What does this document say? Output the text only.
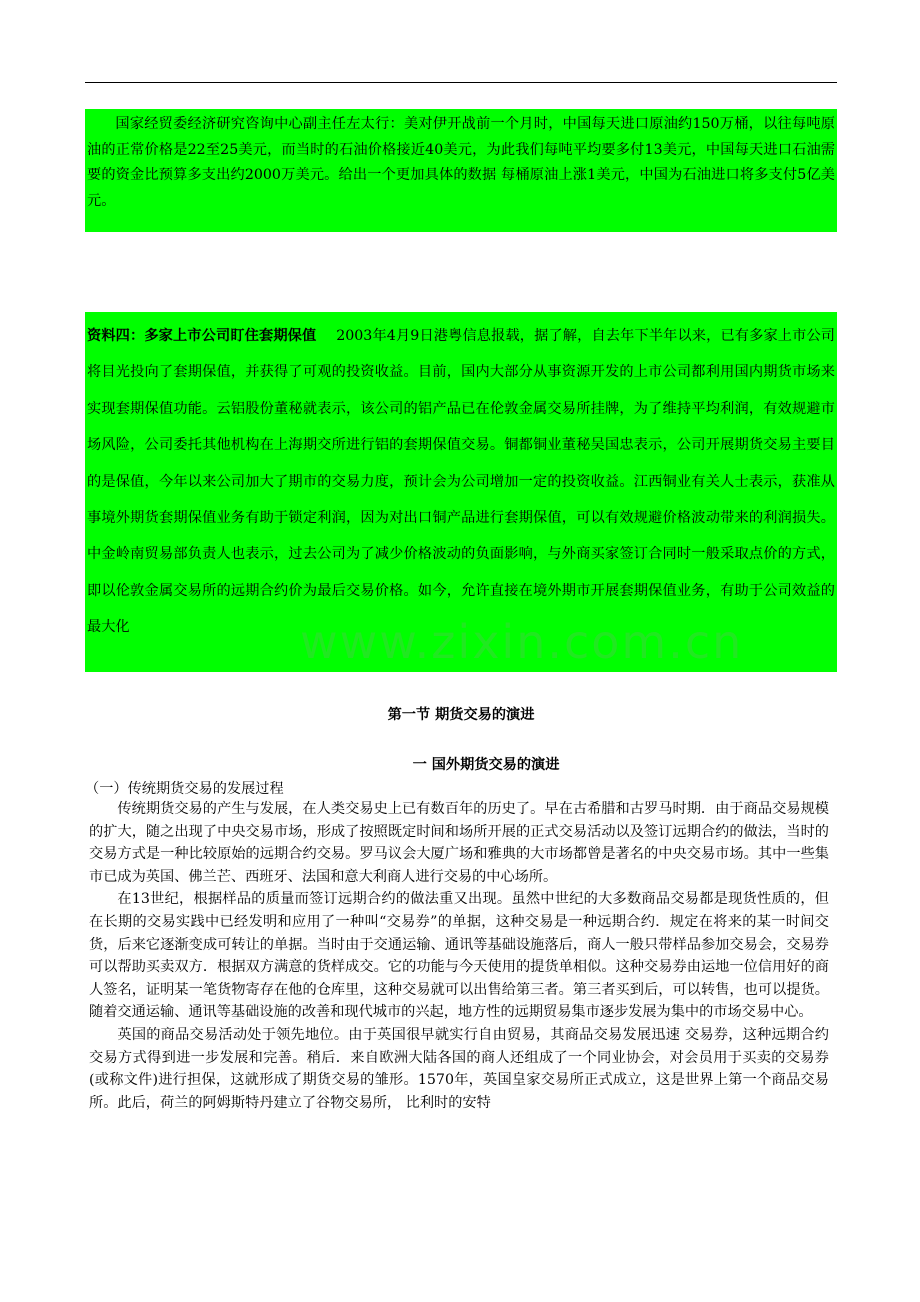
国家经贸委经济研究咨询中心副主任左太行：美对伊开战前一个月时，中国每天进口原油约150万桶，以往每吨原油的正常价格是22至25美元，而当时的石油价格接近40美元，为此我们每吨平均要多付13美元，中国每天进口石油需要的资金比预算多支出约2000万美元。给出一个更加具体的数据 每桶原油上涨1美元，中国为石油进口将多支付5亿美元。

资料四：多家上市公司盯住套期保值 2003年4月9日港粤信息报载，据了解，自去年下半年以来，已有多家上市公司将目光投向了套期保值，并获得了可观的投资收益。目前，国内大部分从事资源开发的上市公司都利用国内期货市场来实现套期保值功能。云铝股份董秘就表示，该公司的铝产品已在伦敦金属交易所挂牌，为了维持平均利润，有效规避市场风险，公司委托其他机构在上海期交所进行铝的套期保值交易。铜都铜业董秘吴国忠表示，公司开展期货交易主要目的是保值，今年以来公司加大了期市的交易力度，预计会为公司增加一定的投资收益。江西铜业有关人士表示，获准从事境外期货套期保值业务有助于锁定利润，因为对出口铜产品进行套期保值，可以有效规避价格波动带来的利润损失。中金岭南贸易部负责人也表示，过去公司为了减少价格波动的负面影响，与外商买家签订合同时一般采取点价的方式，即以伦敦金属交易所的远期合约价为最后交易价格。如今，允许直接在境外期市开展套期保值业务，有助于公司效益的最大化	www.zixin.com.cn

第一节 期货交易的演进

一 国外期货交易的演进

（一）传统期货交易的发展过程

传统期货交易的产生与发展，在人类交易史上已有数百年的历史了。早在古希腊和古罗马时期．由于商品交易规模的扩大，随之出现了中央交易市场，形成了按照既定时间和场所开展的正式交易活动以及签订远期合约的做法，当时的交易方式是一种比较原始的远期合约交易。罗马议会大厦广场和雅典的大市场都曾是著名的中央交易市场。其中一些集市已成为英国、佛兰芒、西班牙、法国和意大利商人进行交易的中心场所。

在13世纪，根据样品的质量而签订远期合约的做法重又出现。虽然中世纪的大多数商品交易都是现货性质的，但在长期的交易实践中已经发明和应用了一种叫“交易券”的单据，这种交易是一种远期合约．规定在将来的某一时间交货，后来它逐渐变成可转让的单据。当时由于交通运输、通讯等基础设施落后，商人一般只带样品参加交易会，交易券可以帮助买卖双方．根据双方满意的货样成交。它的功能与今天使用的提货单相似。这种交易券由运地一位信用好的商人签名，证明某一笔货物寄存在他的仓库里，这种交易就可以出售给第三者。第三者买到后，可以转售，也可以提货。随着交通运输、通讯等基础设施的改善和现代城市的兴起，地方性的远期贸易集市逐步发展为集中的市场交易中心。

英国的商品交易活动处于领先地位。由于英国很早就实行自由贸易，其商品交易发展迅速 交易券，这种远期合约交易方式得到进一步发展和完善。稍后．来自欧洲大陆各国的商人还组成了一个同业协会，对会员用于买卖的交易券(或称文件)进行担保，这就形成了期货交易的雏形。1570年，英国皇家交易所正式成立，这是世界上第一个商品交易所。此后，荷兰的阿姆斯特丹建立了谷物交易所， 比利时的安特
